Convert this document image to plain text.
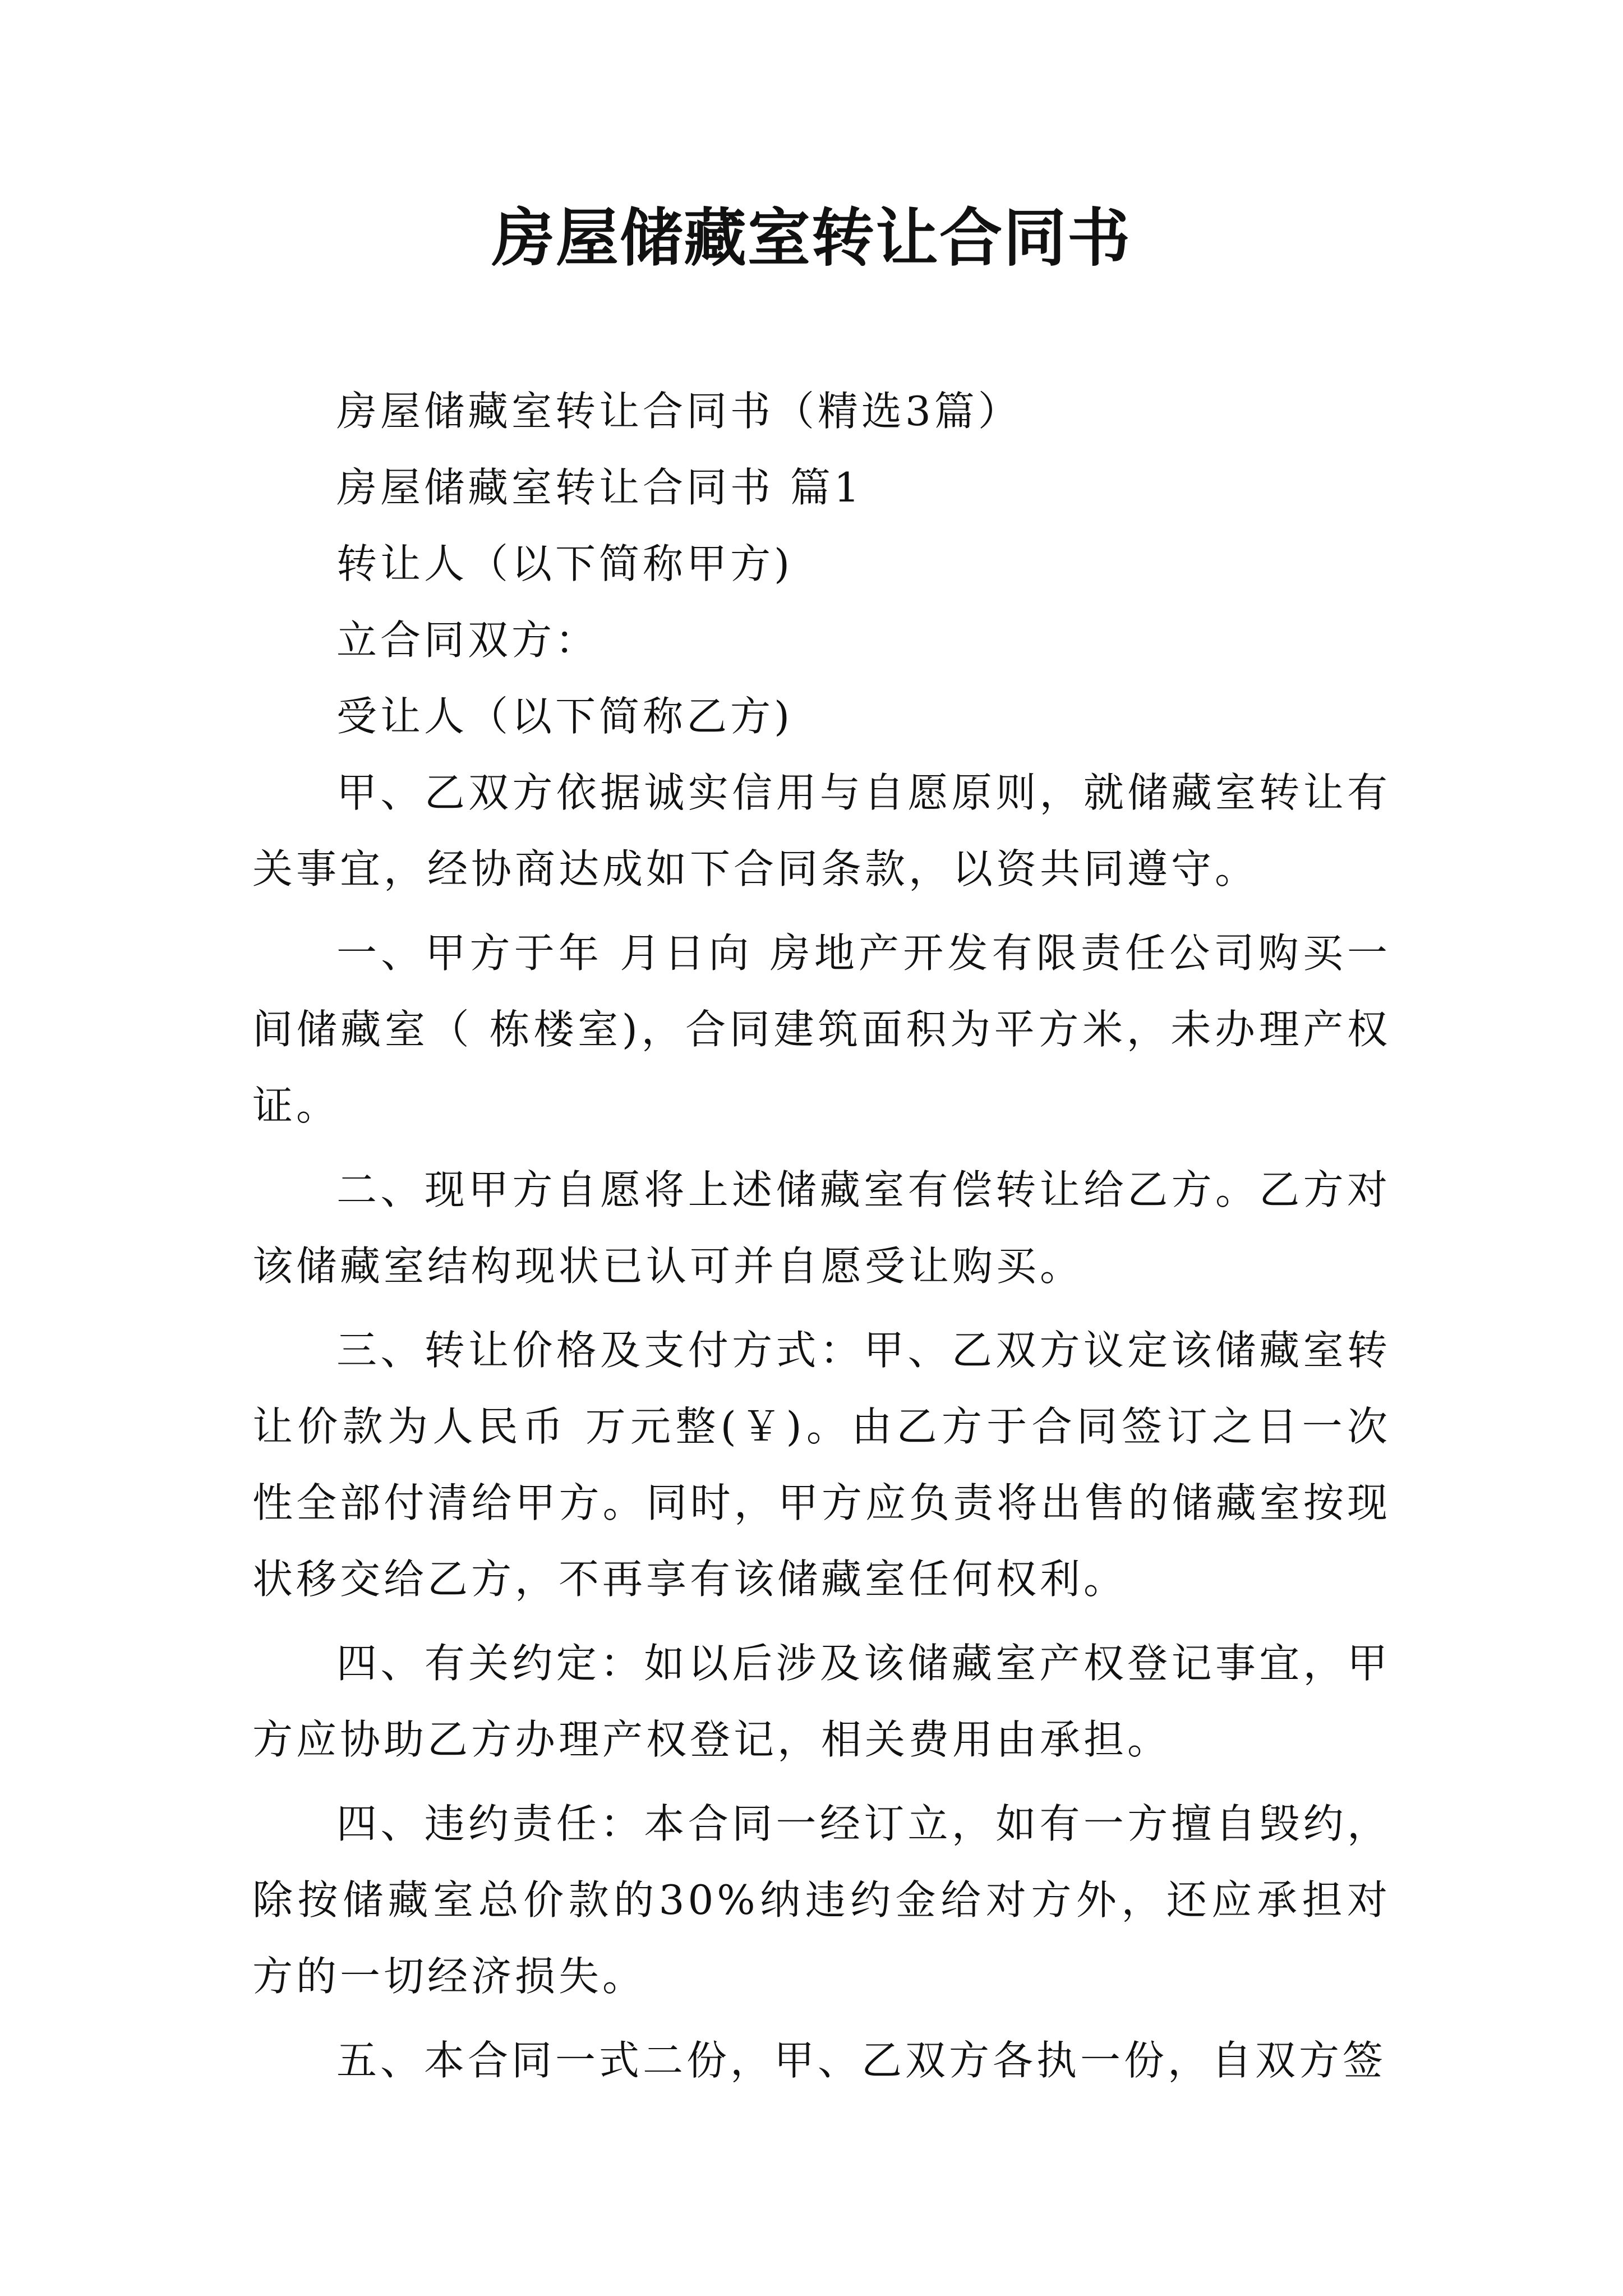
房屋储藏室转让合同书

房屋储藏室转让合同书（精选3篇）

房屋储藏室转让合同书 篇1

转让人（以下简称甲方)

立合同双方：

受让人（以下简称乙方)

甲、乙双方依据诚实信用与自愿原则，就储藏室转让有关事宜，经协商达成如下合同条款，以资共同遵守。

一、甲方于年 月日向 房地产开发有限责任公司购买一间储藏室（ 栋楼室)，合同建筑面积为平方米，未办理产权证。

二、现甲方自愿将上述储藏室有偿转让给乙方。乙方对该储藏室结构现状已认可并自愿受让购买。

三、转让价格及支付方式：甲、乙双方议定该储藏室转让价款为人民币 万元整(￥)。由乙方于合同签订之日一次性全部付清给甲方。同时，甲方应负责将出售的储藏室按现状移交给乙方，不再享有该储藏室任何权利。

四、有关约定：如以后涉及该储藏室产权登记事宜，甲方应协助乙方办理产权登记，相关费用由承担。

四、违约责任：本合同一经订立，如有一方擅自毁约，除按储藏室总价款的30%纳违约金给对方外，还应承担对方的一切经济损失。

五、本合同一式二份，甲、乙双方各执一份，自双方签
